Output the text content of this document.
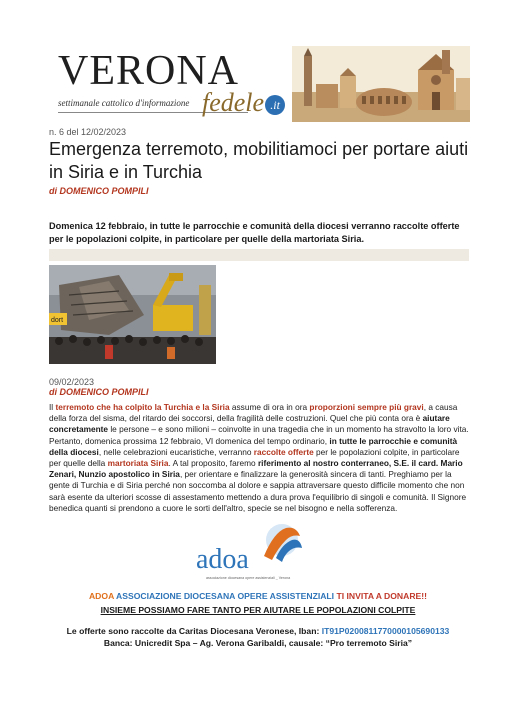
VERONA
settimanale cattolico d'informazione fedele .it
n. 6 del 12/02/2023
Emergenza terremoto, mobilitiamoci per portare aiuti in Siria e in Turchia
di DOMENICO POMPILI
Domenica 12 febbraio, in tutte le parrocchie e comunità della diocesi verranno raccolte offerte per le popolazioni colpite, in particolare per quelle della martoriata Siria.
dort
09/02/2023
di DOMENICO POMPILI
Il terremoto che ha colpito la Turchia e la Siria assume di ora in ora proporzioni sempre più gravi, a causa della forza del sisma, del ritardo dei soccorsi, della fragilità delle costruzioni. Quel che più conta ora è aiutare concretamente le persone – e sono milioni – coinvolte in una tragedia che in un momento ha stravolto la loro vita. Pertanto, domenica prossima 12 febbraio, VI domenica del tempo ordinario, in tutte le parrocchie e comunità della diocesi, nelle celebrazioni eucaristiche, verranno raccolte offerte per le popolazioni colpite, in particolare per quelle della martoriata Siria. A tal proposito, faremo riferimento al nostro conterraneo, S.E. il card. Mario Zenari, Nunzio apostolico in Siria, per orientare e finalizzare la generosità sincera di tanti. Preghiamo per la gente di Turchia e di Siria perché non soccomba al dolore e sappia attraversare questo difficile momento che non sarà esente da ulteriori scosse di assestamento mettendo a dura prova l'equilibrio di singoli e comunità. Il Signore benedica quanti si prendono a cuore le sorti dell'altro, specie se nel bisogno e nella sofferenza.
adoa
associazione diocesana opere assistenziali _ Verona
ADOA ASSOCIAZIONE DIOCESANA OPERE ASSISTENZIALI TI INVITA A DONARE!!
INSIEME POSSIAMO FARE TANTO PER AIUTARE LE POPOLAZIONI COLPITE
Le offerte sono raccolte da Caritas Diocesana Veronese, Iban: IT91P0200811770000105690133
Banca: Unicredit Spa – Ag. Verona Garibaldi, causale: “Pro terremoto Siria”
